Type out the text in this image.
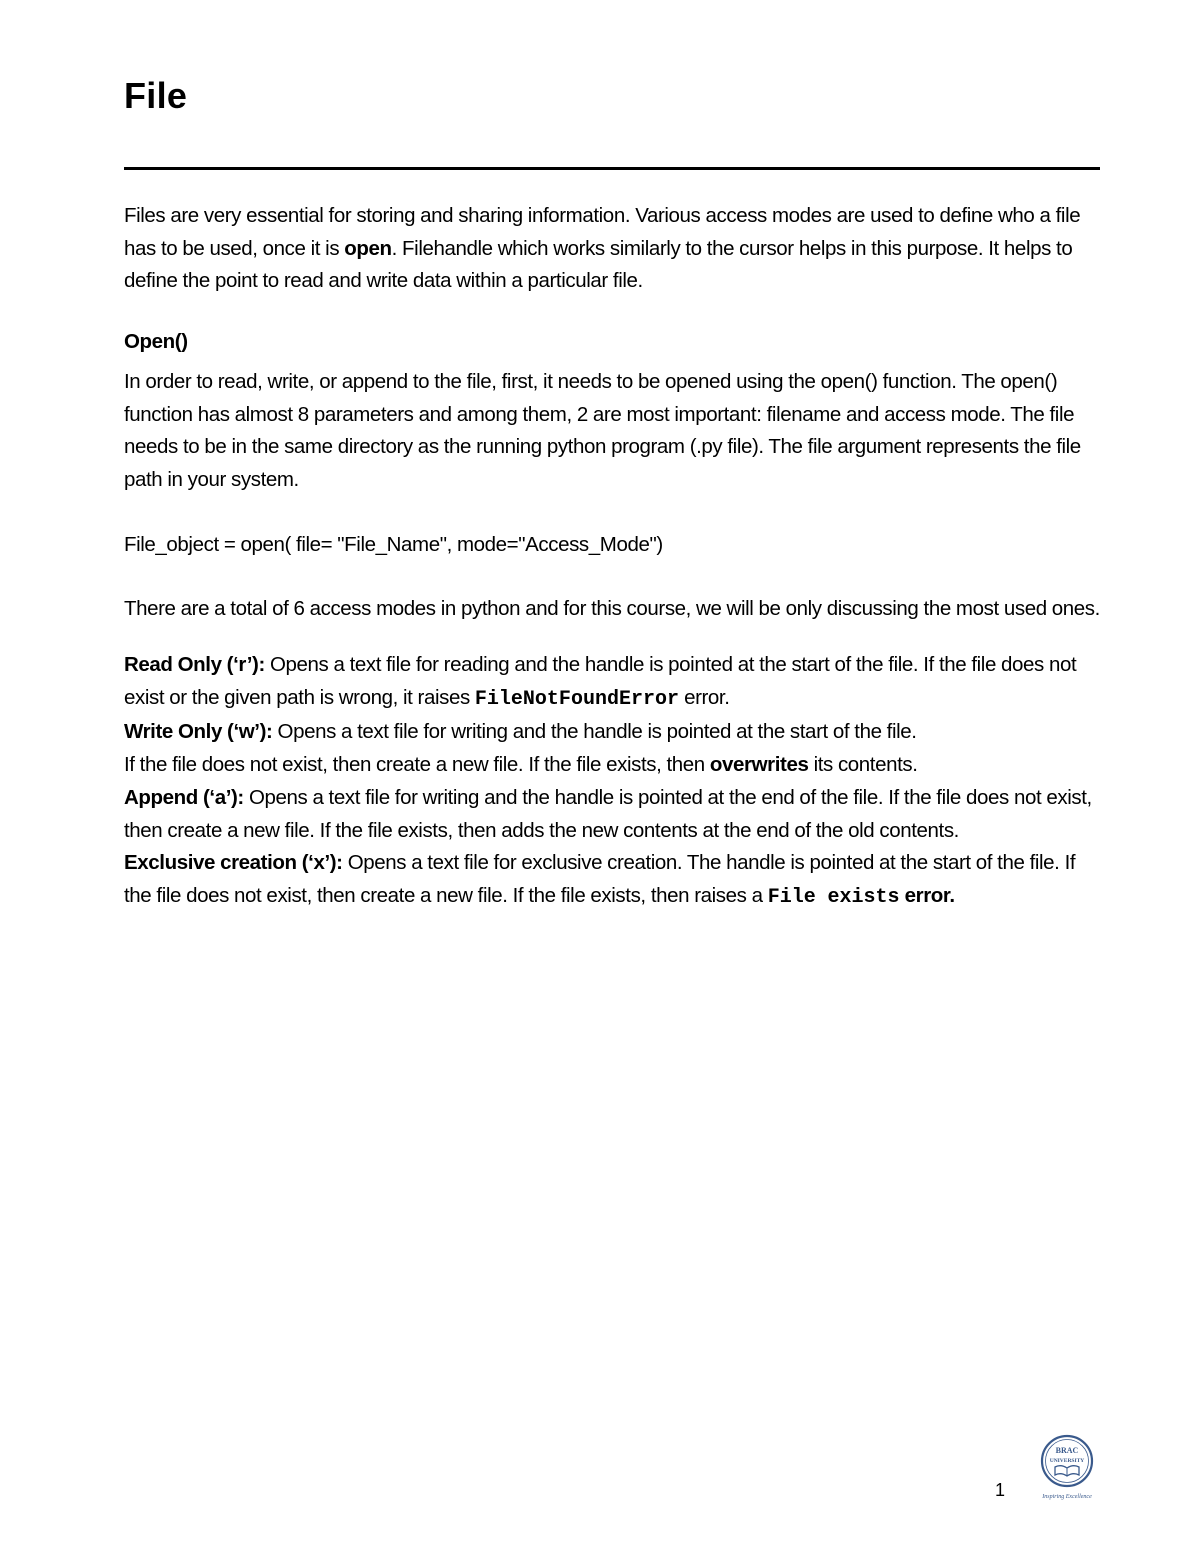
File

Files are very essential for storing and sharing information. Various access modes are used to define who a file has to be used, once it is open. Filehandle which works similarly to the cursor helps in this purpose. It helps to define the point to read and write data within a particular file.

Open()

In order to read, write, or append to the file, first, it needs to be opened using the open() function. The open() function has almost 8 parameters and among them, 2 are most important: filename and access mode. The file needs to be in the same directory as the running python program (.py file). The file argument represents the file path in your system.

File_object = open( file= "File_Name", mode="Access_Mode")

There are a total of 6 access modes in python and for this course, we will be only discussing the most used ones.

Read Only (‘r’): Opens a text file for reading and the handle is pointed at the start of the file. If the file does not exist or the given path is wrong, it raises FileNotFoundError error.

Write Only (‘w’): Opens a text file for writing and the handle is pointed at the start of the file.

If the file does not exist, then create a new file. If the file exists, then overwrites its contents.

Append (‘a’): Opens a text file for writing and the handle is pointed at the end of the file. If the file does not exist, then create a new file. If the file exists, then adds the new contents at the end of the old contents.

Exclusive creation (‘x’): Opens a text file for exclusive creation. The handle is pointed at the start of the file. If the file does not exist, then create a new file. If the file exists, then raises a File exists error.

1
BRAC
UNIVERSITY
Inspiring Excellence
